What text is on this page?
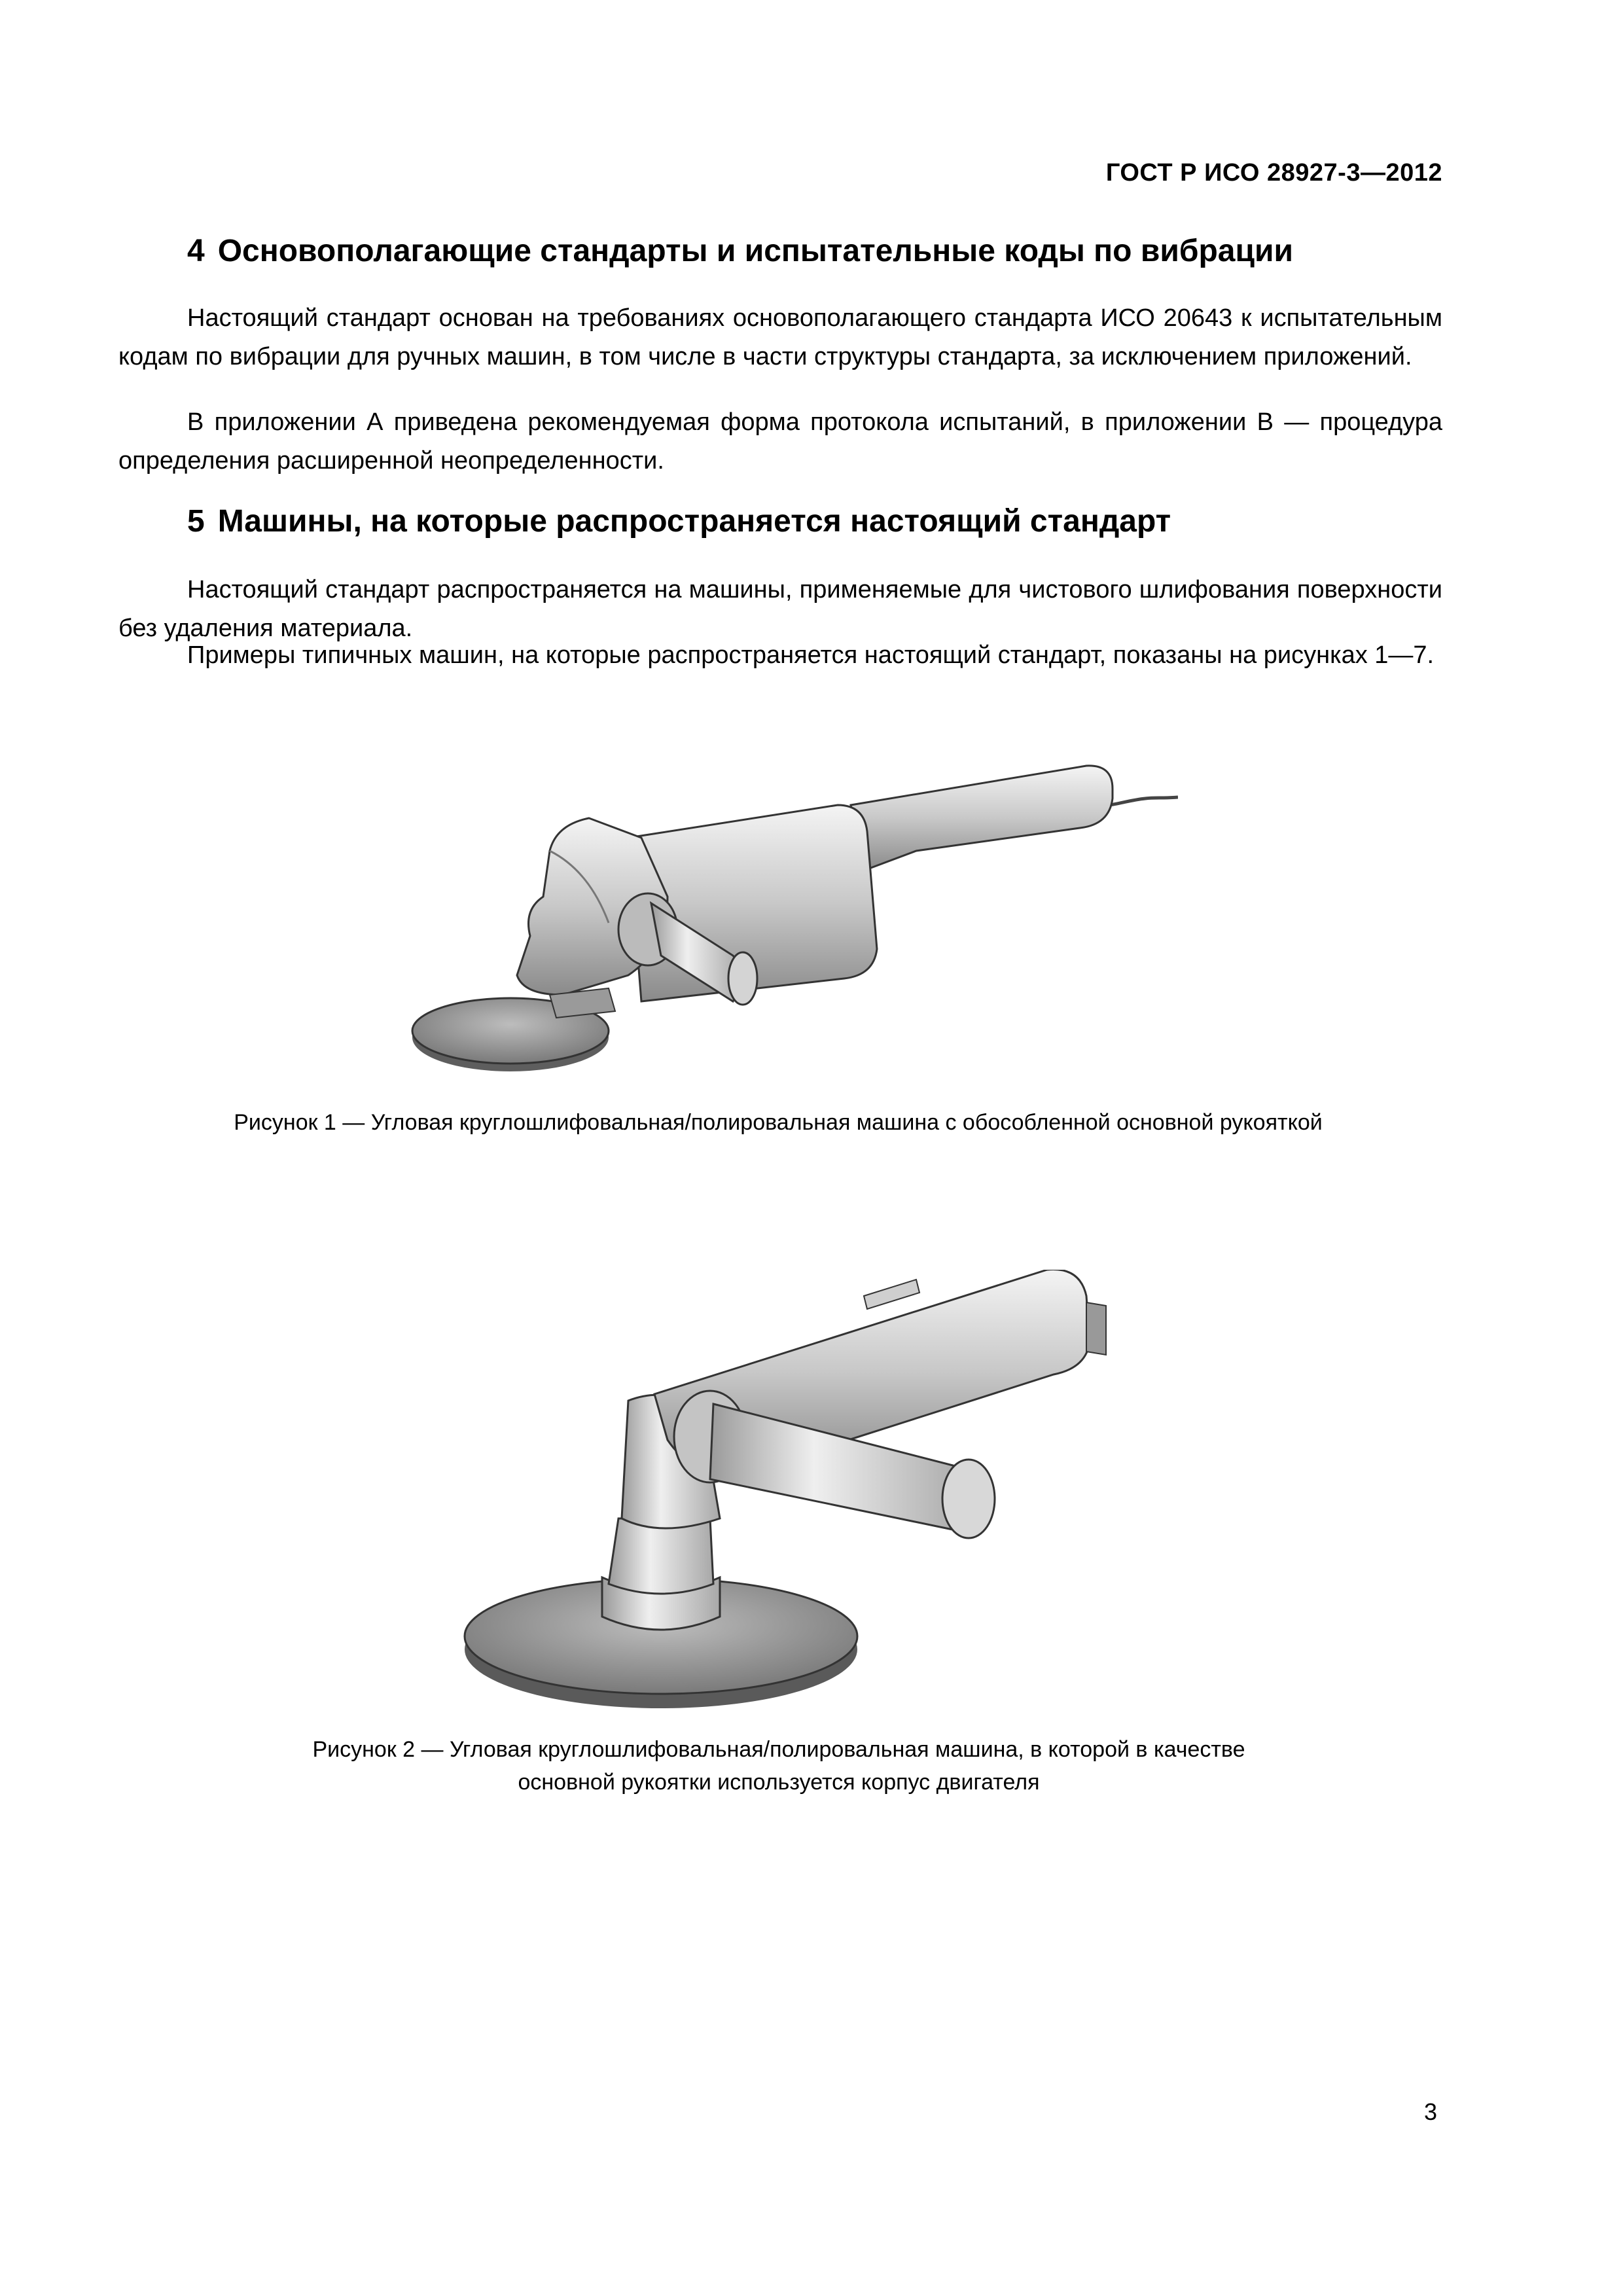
ГОСТ Р ИСО 28927-3—2012
4 Основополагающие стандарты и испытательные коды по вибрации

Настоящий стандарт основан на требованиях основополагающего стандарта ИСО 20643 к испытательным кодам по вибрации для ручных машин, в том числе в части структуры стандарта, за исключением приложений.

В приложении А приведена рекомендуемая форма протокола испытаний, в приложении В — процедура определения расширенной неопределенности.

5 Машины, на которые распространяется настоящий стандарт

Настоящий стандарт распространяется на машины, применяемые для чистового шлифования поверхности без удаления материала.

Примеры типичных машин, на которые распространяется настоящий стандарт, показаны на рисунках 1—7.

Рисунок 1 — Угловая круглошлифовальная/полировальная машина с обособленной основной рукояткой
Рисунок 2 — Угловая круглошлифовальная/полировальная машина, в которой в качестве
основной рукоятки используется корпус двигателя
3
